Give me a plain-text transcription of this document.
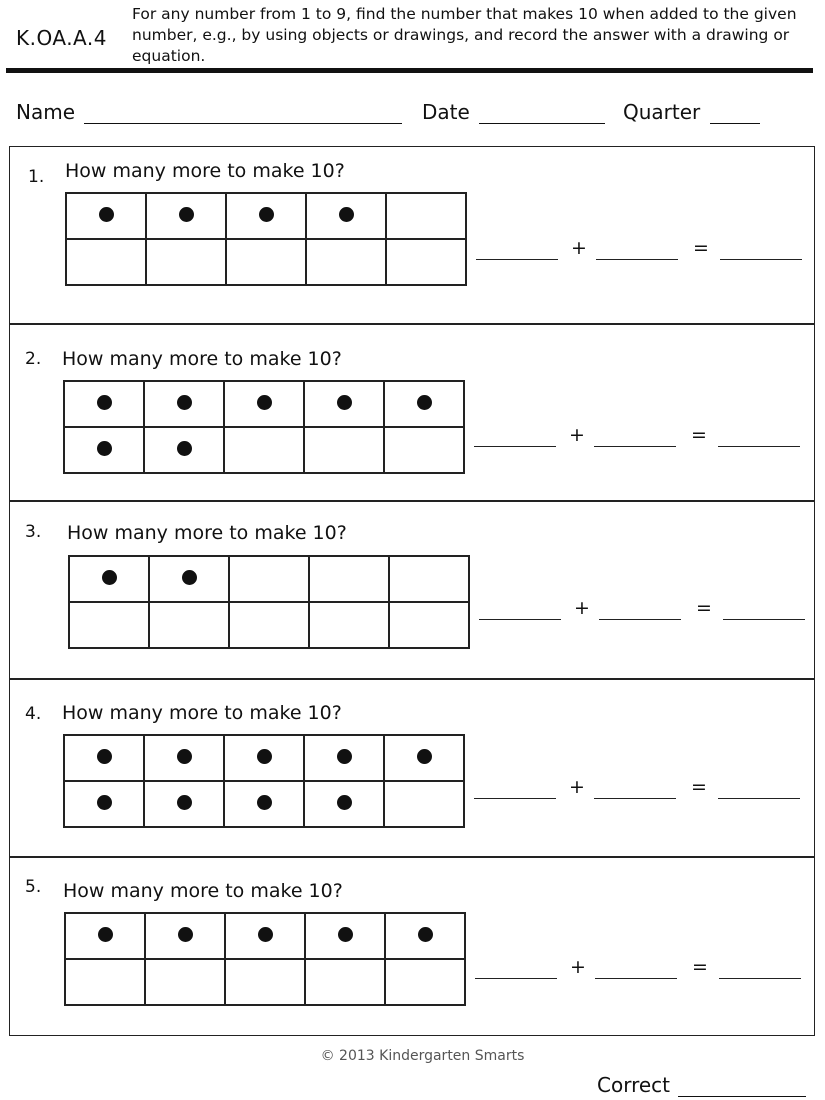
K.OA.A.4
For any number from 1 to 9, find the number that makes 10 when added to the given number, e.g., by using objects or drawings, and record the answer with a drawing or equation.
Name	Date	Quarter
1. How many more to make 10?

+	=
2. How many more to make 10?

+	=
3. How many more to make 10?

+	=
4. How many more to make 10?

+	=
5. How many more to make 10?

+	=
© 2013 Kindergarten Smarts
Correct
